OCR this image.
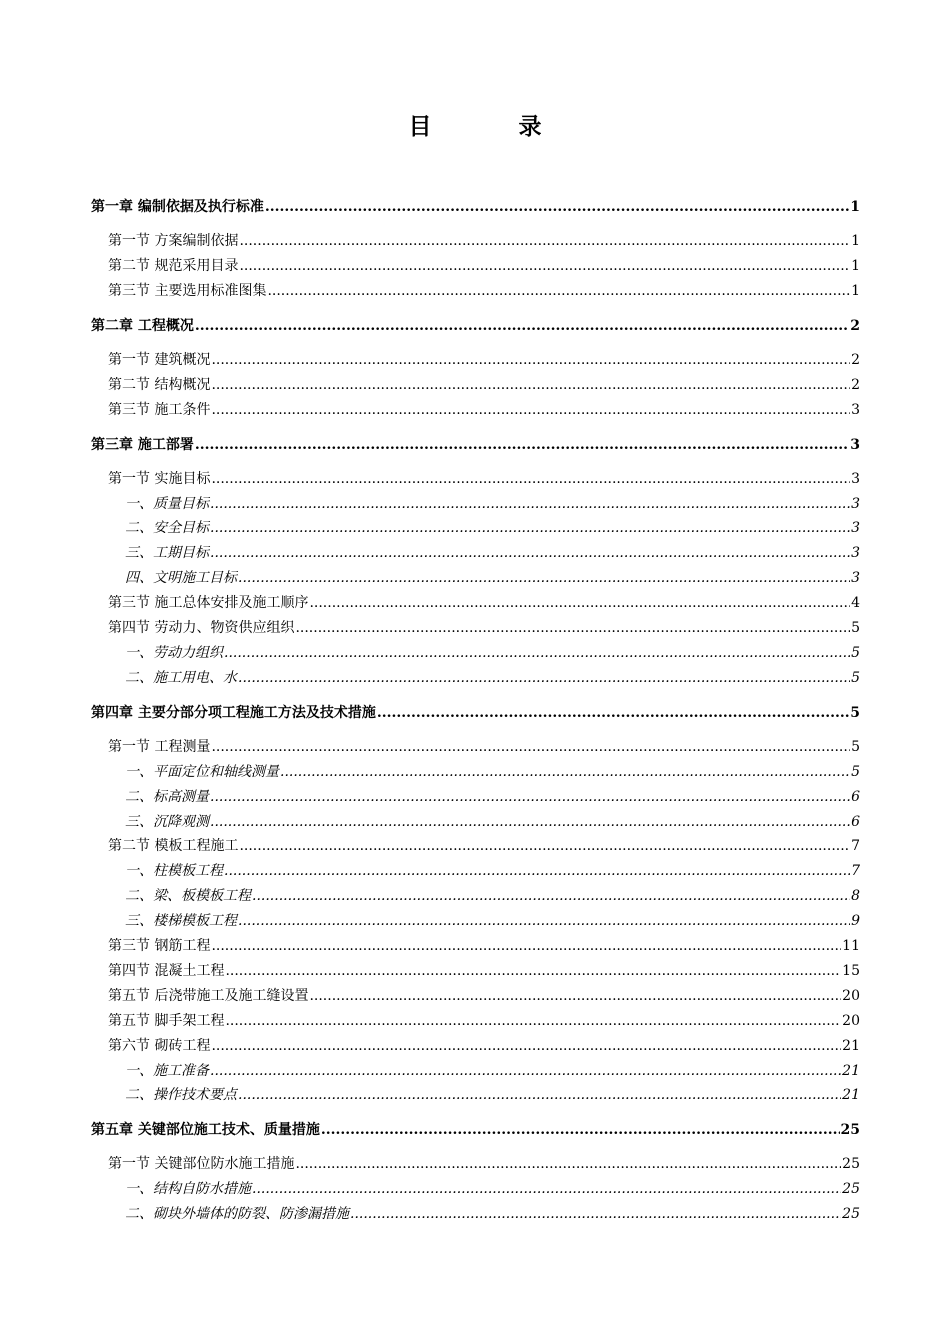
目　录
第一章 编制依据及执行标准 .....	1
第一节 方案编制依据 .....	1
第二节 规范采用目录 .....	1
第三节 主要选用标准图集 .....	1
第二章 工程概况 .....	2
第一节 建筑概况 .....	2
第二节 结构概况 .....	2
第三节 施工条件 .....	3
第三章 施工部署 .....	3
第一节 实施目标 .....	3
一、质量目标 .....	3
二、安全目标 .....	3
三、工期目标 .....	3
四、文明施工目标 .....	3
第三节 施工总体安排及施工顺序 .....	4
第四节 劳动力、物资供应组织 .....	5
一、劳动力组织 .....	5
二、施工用电、水 .....	5
第四章 主要分部分项工程施工方法及技术措施 .....	5
第一节 工程测量 .....	5
一、平面定位和轴线测量 .....	5
二、标高测量 .....	6
三、沉降观测 .....	6
第二节 模板工程施工 .....	7
一、柱模板工程 .....	7
二、梁、板模板工程 .....	8
三、楼梯模板工程 .....	9
第三节 钢筋工程 .....	11
第四节 混凝土工程 .....	15
第五节 后浇带施工及施工缝设置 .....	20
第五节 脚手架工程 .....	20
第六节 砌砖工程 .....	21
一、施工准备 .....	21
二、操作技术要点 .....	21
第五章 关键部位施工技术、质量措施 .....	25
第一节 关键部位防水施工措施 .....	25
一、结构自防水措施 .....	25
二、砌块外墙体的防裂、防渗漏措施 .....	25
